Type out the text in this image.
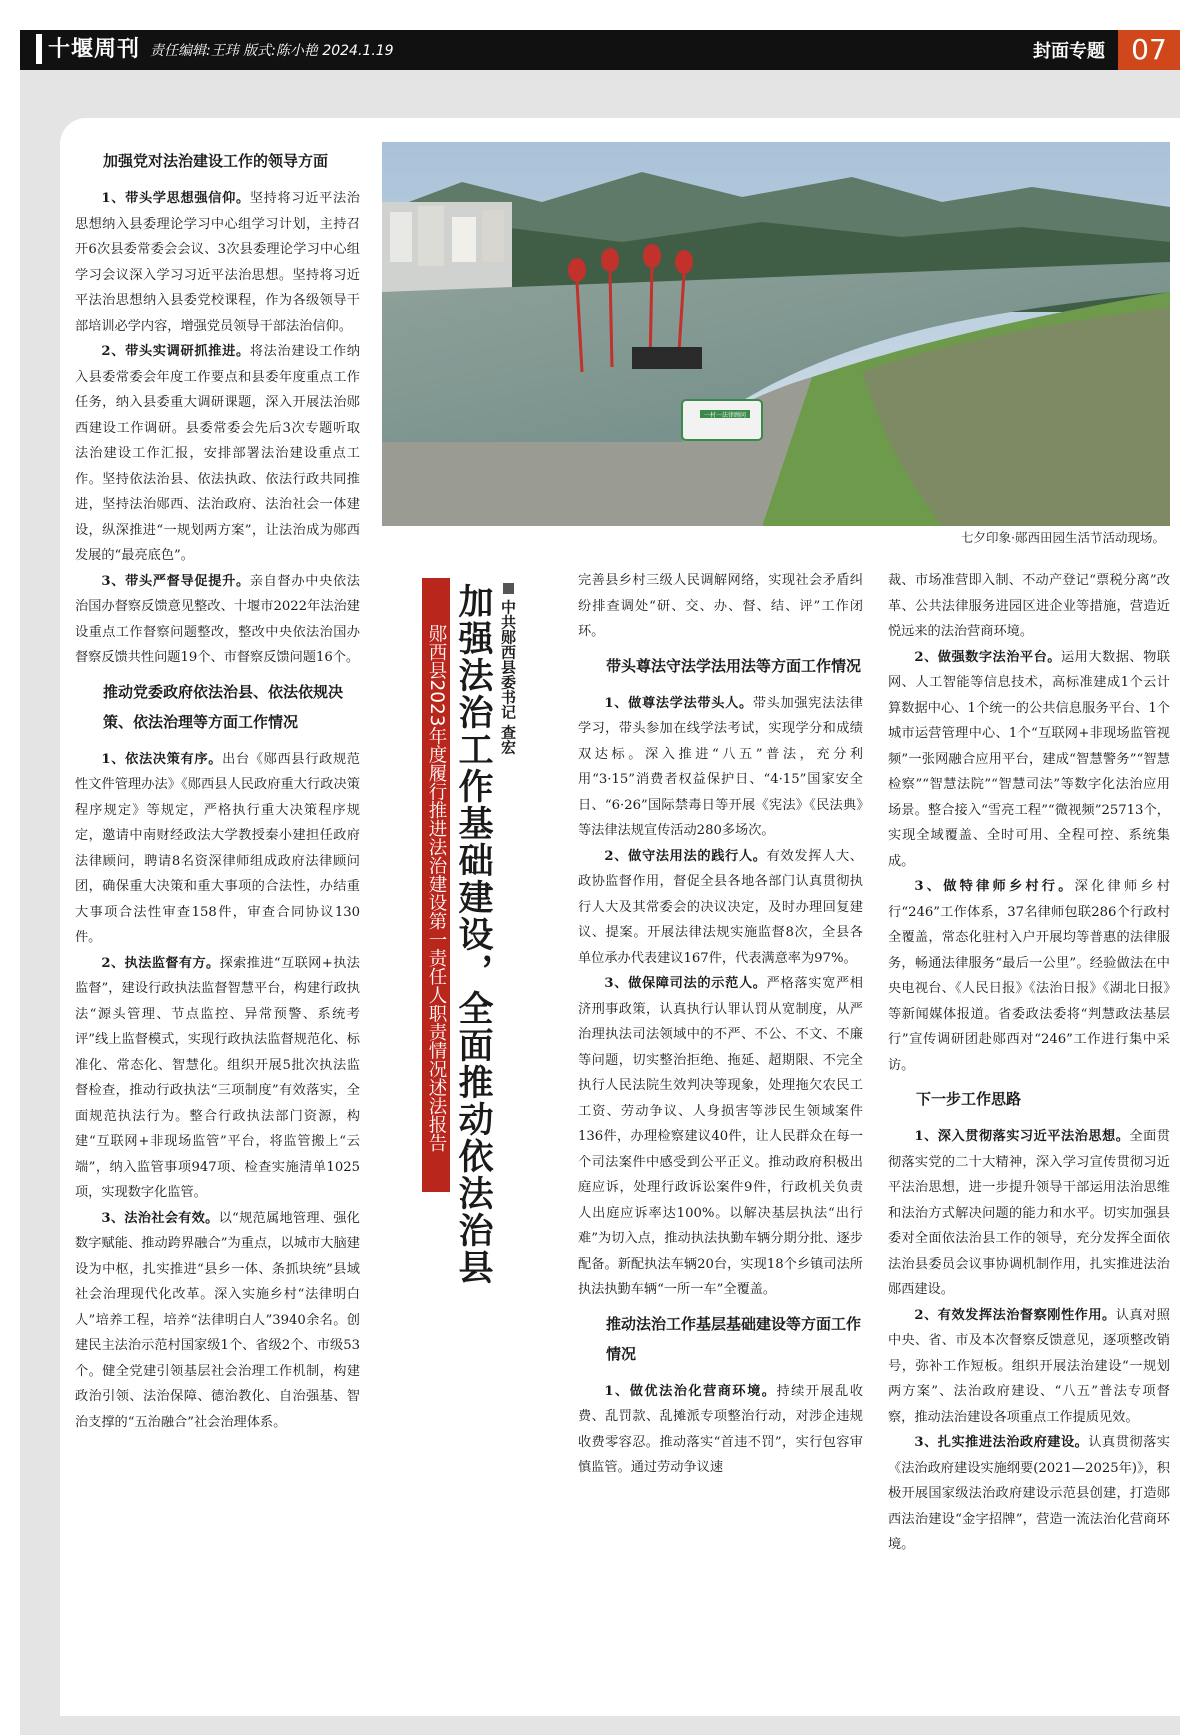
十堰周刊 责任编辑:王玮 版式:陈小艳 2024.1.19	封面专题 07
加强党对法治建设工作的领导方面

1、带头学思想强信仰。坚持将习近平法治思想纳入县委理论学习中心组学习计划，主持召开6次县委常委会会议、3次县委理论学习中心组学习会议深入学习习近平法治思想。坚持将习近平法治思想纳入县委党校课程，作为各级领导干部培训必学内容，增强党员领导干部法治信仰。

2、带头实调研抓推进。将法治建设工作纳入县委常委会年度工作要点和县委年度重点工作任务，纳入县委重大调研课题，深入开展法治郧西建设工作调研。县委常委会先后3次专题听取法治建设工作汇报，安排部署法治建设重点工作。坚持依法治县、依法执政、依法行政共同推进，坚持法治郧西、法治政府、法治社会一体建设，纵深推进“一规划两方案”，让法治成为郧西发展的“最亮底色”。

3、带头严督导促提升。亲自督办中央依法治国办督察反馈意见整改、十堰市2022年法治建设重点工作督察问题整改，整改中央依法治国办督察反馈共性问题19个、市督察反馈问题16个。

推动党委政府依法治县、依法依规决策、依法治理等方面工作情况

1、依法决策有序。出台《郧西县行政规范性文件管理办法》《郧西县人民政府重大行政决策程序规定》等规定，严格执行重大决策程序规定，邀请中南财经政法大学教授秦小建担任政府法律顾问，聘请8名资深律师组成政府法律顾问团，确保重大决策和重大事项的合法性，办结重大事项合法性审查158件，审查合同协议130件。

2、执法监督有方。探索推进“互联网+执法监督”，建设行政执法监督智慧平台，构建行政执法“源头管理、节点监控、异常预警、系统考评”线上监督模式，实现行政执法监督规范化、标准化、常态化、智慧化。组织开展5批次执法监督检查，推动行政执法“三项制度”有效落实，全面规范执法行为。整合行政执法部门资源，构建“互联网+非现场监管”平台，将监管搬上“云端”，纳入监管事项947项、检查实施清单1025项，实现数字化监管。

3、法治社会有效。以“规范属地管理、强化数字赋能、推动跨界融合”为重点，以城市大脑建设为中枢，扎实推进“县乡一体、条抓块统”县域社会治理现代化改革。深入实施乡村“法律明白人”培养工程，培养“法律明白人”3940余名。创建民主法治示范村国家级1个、省级2个、市级53个。健全党建引领基层社会治理工作机制，构建政治引领、法治保障、德治教化、自治强基、智治支撑的“五治融合”社会治理体系。

一村一法律顾问
七夕印象·郧西田园生活节活动现场。
中共郧西县委书记 查宏
加强法治工作基础建设，全面推动依法治县
郧西县2023年度履行推进法治建设第一责任人职责情况述法报告

完善县乡村三级人民调解网络，实现社会矛盾纠纷排查调处“研、交、办、督、结、评”工作闭环。

带头尊法守法学法用法等方面工作情况

1、做尊法学法带头人。带头加强宪法法律学习，带头参加在线学法考试，实现学分和成绩双达标。深入推进“八五”普法，充分利用“3·15”消费者权益保护日、“4·15”国家安全日、“6·26”国际禁毒日等开展《宪法》《民法典》等法律法规宣传活动280多场次。

2、做守法用法的践行人。有效发挥人大、政协监督作用，督促全县各地各部门认真贯彻执行人大及其常委会的决议决定，及时办理回复建议、提案。开展法律法规实施监督8次，全县各单位承办代表建议167件，代表满意率为97%。

3、做保障司法的示范人。严格落实宽严相济刑事政策，认真执行认罪认罚从宽制度，从严治理执法司法领域中的不严、不公、不文、不廉等问题，切实整治拒绝、拖延、超期限、不完全执行人民法院生效判决等现象，处理拖欠农民工工资、劳动争议、人身损害等涉民生领域案件136件，办理检察建议40件，让人民群众在每一个司法案件中感受到公平正义。推动政府积极出庭应诉，处理行政诉讼案件9件，行政机关负责人出庭应诉率达100%。以解决基层执法“出行难”为切入点，推动执法执勤车辆分期分批、逐步配备。新配执法车辆20台，实现18个乡镇司法所执法执勤车辆“一所一车”全覆盖。

推动法治工作基层基础建设等方面工作情况

1、做优法治化营商环境。持续开展乱收费、乱罚款、乱摊派专项整治行动，对涉企违规收费零容忍。推动落实“首违不罚”，实行包容审慎监管。通过劳动争议速

裁、市场准营即入制、不动产登记“票税分离”改革、公共法律服务进园区进企业等措施，营造近悦远来的法治营商环境。

2、做强数字法治平台。运用大数据、物联网、人工智能等信息技术，高标准建成1个云计算数据中心、1个统一的公共信息服务平台、1个城市运营管理中心、1个“互联网+非现场监管视频”一张网融合应用平台，建成“智慧警务”“智慧检察”“智慧法院”“智慧司法”等数字化法治应用场景。整合接入“雪亮工程”“微视频”25713个，实现全域覆盖、全时可用、全程可控、系统集成。

3、做特律师乡村行。深化律师乡村行“246”工作体系，37名律师包联286个行政村全覆盖，常态化驻村入户开展均等普惠的法律服务，畅通法律服务“最后一公里”。经验做法在中央电视台、《人民日报》《法治日报》《湖北日报》等新闻媒体报道。省委政法委将“判慧政法基层行”宣传调研团赴郧西对“246”工作进行集中采访。

下一步工作思路

1、深入贯彻落实习近平法治思想。全面贯彻落实党的二十大精神，深入学习宣传贯彻习近平法治思想，进一步提升领导干部运用法治思维和法治方式解决问题的能力和水平。切实加强县委对全面依法治县工作的领导，充分发挥全面依法治县委员会议事协调机制作用，扎实推进法治郧西建设。

2、有效发挥法治督察刚性作用。认真对照中央、省、市及本次督察反馈意见，逐项整改销号，弥补工作短板。组织开展法治建设“一规划两方案”、法治政府建设、“八五”普法专项督察，推动法治建设各项重点工作提质见效。

3、扎实推进法治政府建设。认真贯彻落实《法治政府建设实施纲要(2021—2025年)》，积极开展国家级法治政府建设示范县创建，打造郧西法治建设“金字招牌”，营造一流法治化营商环境。
